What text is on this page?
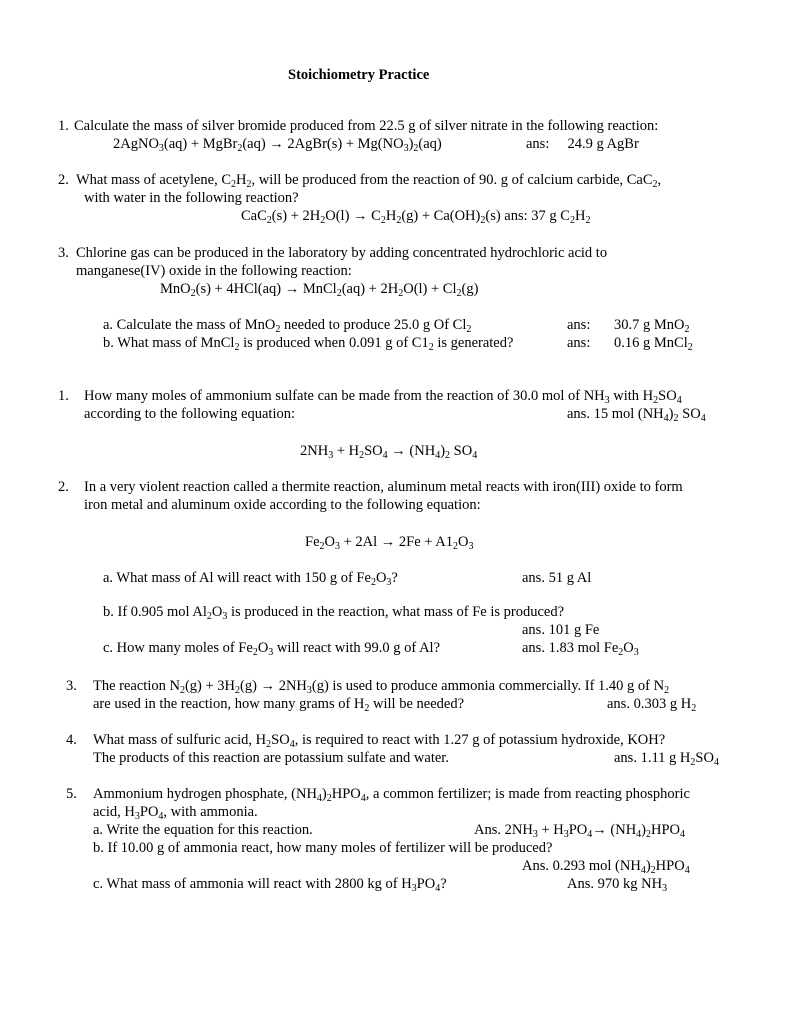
Stoichiometry Practice
1. Calculate the mass of silver bromide produced from 22.5 g of silver nitrate in the following reaction:
2AgNO$_3$(aq) + MgBr$_2$(aq) → 2AgBr(s) + $Mg(NO_3)_2(aq)$	ans:     24.9 g AgBr
2. What mass of acetylene, $C_2H_2$, will be produced from the reaction of 90. g of calcium carbide, CaC$_2$,
with water in the following reaction?
$CaC_2(s) + 2H_2O(l) \to C_2H_2(g) + Ca(OH)_2(s)$ ans: 37 g $C_2H_2$
3. Chlorine gas can be produced in the laboratory by adding concentrated hydrochloric acid to
manganese(IV) oxide in the following reaction:
MnO$_2$(s) + 4HCl(aq) → MnCl$_2$(aq) + $2H_2O(l) + Cl_2(g)$
a. Calculate the mass of MnO$_2$ needed to produce 25.0 g Of $Cl_2$	ans: 30.7 g MnO$_2$
b. What mass of MnCl$_2$ is produced when 0.091 g of $C1_2$ is generated?	ans: 0.16 g MnCl$_2$
1. How many moles of ammonium sulfate can be made from the reaction of 30.0 mol of $NH_3$ with $H_2SO_4$
according to the following equation:	ans. 15 mol $(NH_4)_2$ $SO_4$
$2NH_3 + H_2SO_4 \to (NH_4)_2$ $SO_4$
2. In a very violent reaction called a thermite reaction, aluminum metal reacts with iron(III) oxide to form
iron metal and aluminum oxide according to the following equation:
$Fe_2O_3 + 2Al \to 2Fe + A1_2O_3$
a. What mass of Al will react with 150 g of $Fe_2O_3$?	ans. 51 g Al
b. If 0.905 mol $Al_2O_3$ is produced in the reaction, what mass of Fe is produced?
ans. 101 g Fe
c. How many moles of $Fe_2O_3$ will react with 99.0 g of Al?	ans. 1.83 mol $Fe_2O_3$
3. The reaction $N_2(g) + 3H_2(g) \to 2NH_3(g)$ is used to produce ammonia commercially. If 1.40 g of $N_2$
are used in the reaction, how many grams of $H_2$ will be needed?	ans. 0.303 g $H_2$
4. What mass of sulfuric acid, $H_2SO_4$, is required to react with 1.27 g of potassium hydroxide, KOH?
The products of this reaction are potassium sulfate and water.	ans. 1.11 g $H_2SO_4$
5. Ammonium hydrogen phosphate, $(NH_4)_2HPO_4$, a common fertilizer; is made from reacting phosphoric
acid, $H_3PO_4$, with ammonia.
a. Write the equation for this reaction.	Ans. $2NH_3 + H_3PO_4\to (NH_4)_2HPO_4$
b. If 10.00 g of ammonia react, how many moles of fertilizer will be produced?
Ans. 0.293 mol $(NH_4)_2HPO_4$
c. What mass of ammonia will react with 2800 kg of $H_3PO_4$?	Ans. 970 kg $NH_3$
